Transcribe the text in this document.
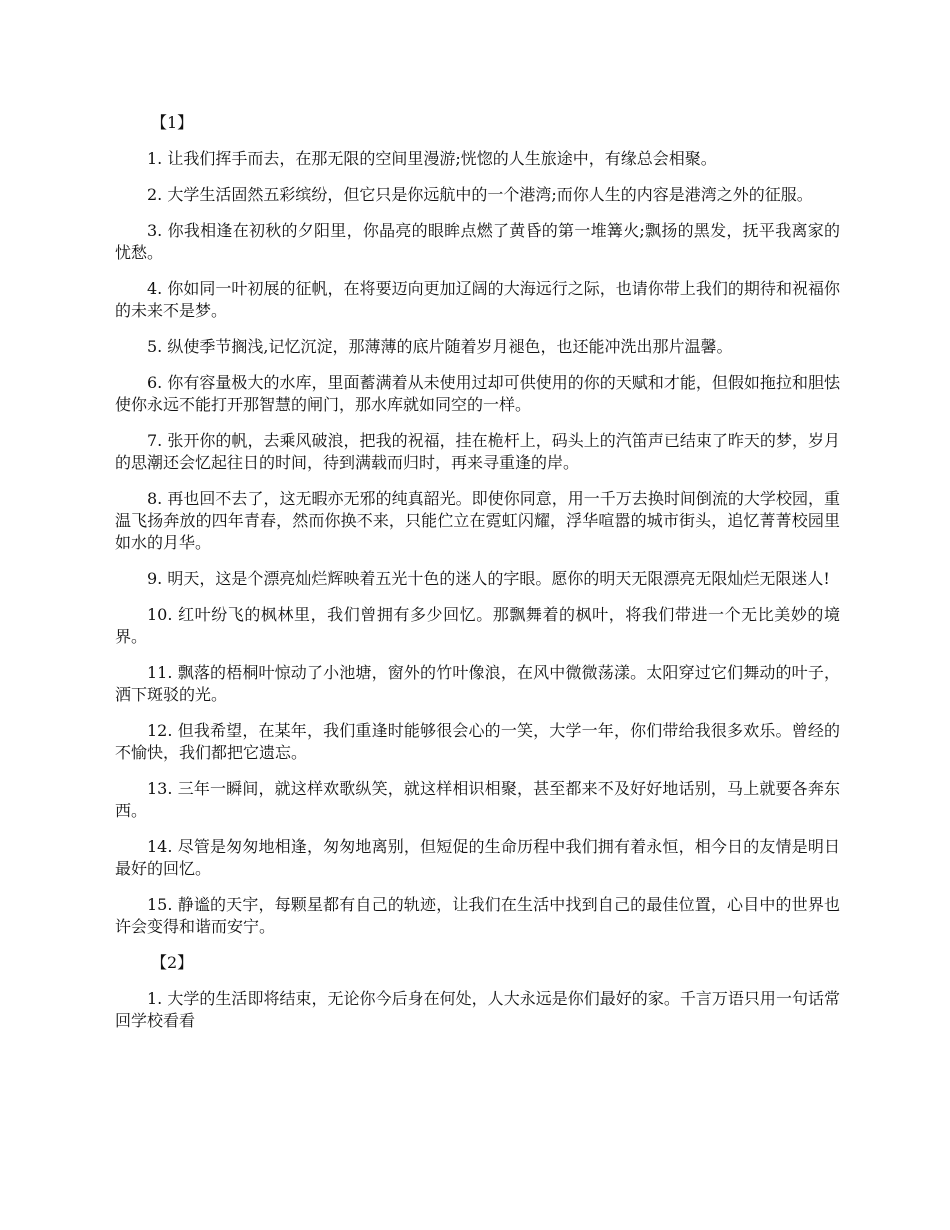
【1】

1. 让我们挥手而去，在那无限的空间里漫游;恍惚的人生旅途中，有缘总会相聚。

2. 大学生活固然五彩缤纷，但它只是你远航中的一个港湾;而你人生的内容是港湾之外的征服。

3. 你我相逢在初秋的夕阳里，你晶亮的眼眸点燃了黄昏的第一堆篝火;飘扬的黑发，抚平我离家的忧愁。

4. 你如同一叶初展的征帆，在将要迈向更加辽阔的大海远行之际，也请你带上我们的期待和祝福你的未来不是梦。

5. 纵使季节搁浅,记忆沉淀，那薄薄的底片随着岁月褪色，也还能冲洗出那片温馨。

6. 你有容量极大的水库，里面蓄满着从未使用过却可供使用的你的天赋和才能，但假如拖拉和胆怯使你永远不能打开那智慧的闸门，那水库就如同空的一样。

7. 张开你的帆，去乘风破浪，把我的祝福，挂在桅杆上，码头上的汽笛声已结束了昨天的梦，岁月的思潮还会忆起往日的时间，待到满载而归时，再来寻重逢的岸。

8. 再也回不去了，这无暇亦无邪的纯真韶光。即使你同意，用一千万去换时间倒流的大学校园，重温飞扬奔放的四年青春，然而你换不来，只能伫立在霓虹闪耀，浮华喧嚣的城市街头，追忆菁菁校园里如水的月华。

9. 明天，这是个漂亮灿烂辉映着五光十色的迷人的字眼。愿你的明天无限漂亮无限灿烂无限迷人!

10. 红叶纷飞的枫林里，我们曾拥有多少回忆。那飘舞着的枫叶，将我们带进一个无比美妙的境界。

11. 飘落的梧桐叶惊动了小池塘，窗外的竹叶像浪，在风中微微荡漾。太阳穿过它们舞动的叶子，洒下斑驳的光。

12. 但我希望，在某年，我们重逢时能够很会心的一笑，大学一年，你们带给我很多欢乐。曾经的不愉快，我们都把它遗忘。

13. 三年一瞬间，就这样欢歌纵笑，就这样相识相聚，甚至都来不及好好地话别，马上就要各奔东西。

14. 尽管是匆匆地相逢，匆匆地离别，但短促的生命历程中我们拥有着永恒，相今日的友情是明日最好的回忆。

15. 静谧的天宇，每颗星都有自己的轨迹，让我们在生活中找到自己的最佳位置，心目中的世界也许会变得和谐而安宁。

【2】

1. 大学的生活即将结束，无论你今后身在何处，人大永远是你们最好的家。千言万语只用一句话常回学校看看
